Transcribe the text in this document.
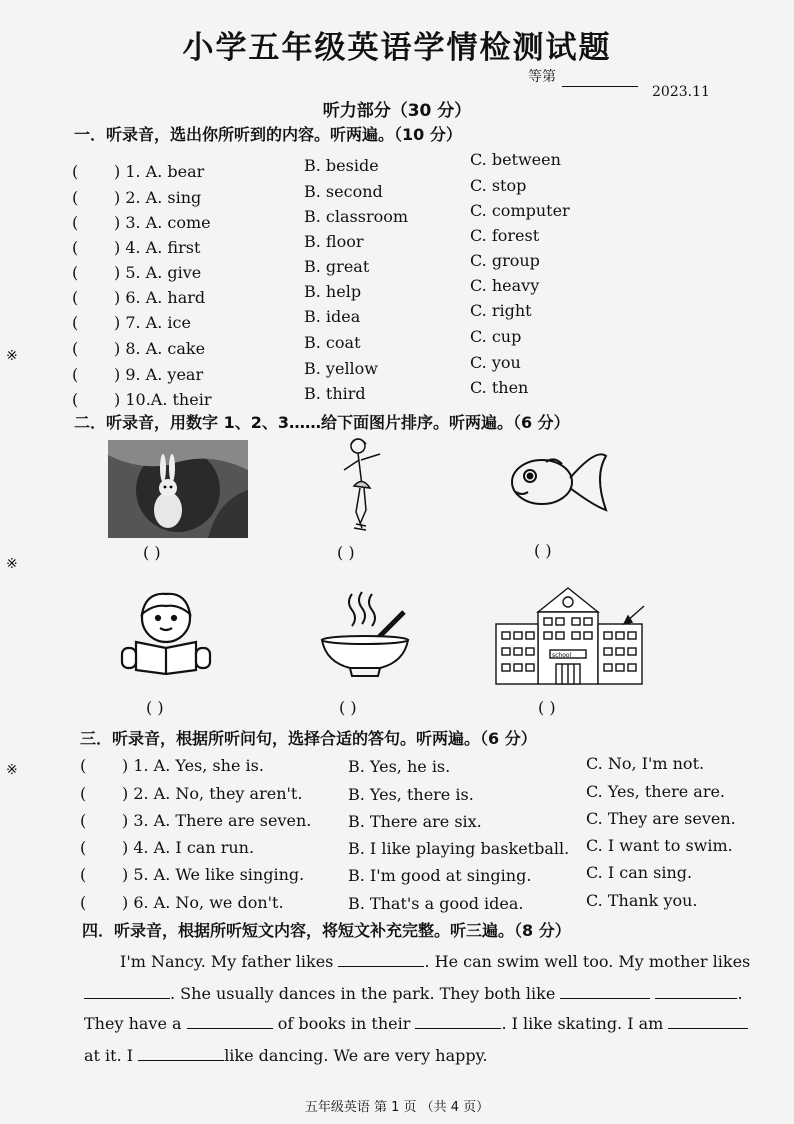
小学五年级英语学情检测试题
等第
2023.11
听力部分（30 分）
※
※
※
一．听录音，选出你所听到的内容。听两遍。（10 分）
( ) 1. A. bear	B. beside	C. between
( ) 2. A. sing	B. second	C. stop
( ) 3. A. come	B. classroom	C. computer
( ) 4. A. first	B. floor	C. forest
( ) 5. A. give	B. great	C. group
( ) 6. A. hard	B. help	C. heavy
( ) 7. A. ice	B. idea	C. right
( ) 8. A. cake	B. coat	C. cup
( ) 9. A. year	B. yellow	C. you
( ) 10.A. their	B. third	C. then
二．听录音，用数字 1、2、3……给下面图片排序。听两遍。（6 分）
( )	( )	( )
school
( )	( )	( )
三．听录音，根据所听问句，选择合适的答句。听两遍。（6 分）
( ) 1. A. Yes, she is.	B. Yes, he is.	C. No, I'm not.
( ) 2. A. No, they aren't.	B. Yes, there is.	C. Yes, there are.
( ) 3. A. There are seven. B. There are six.	C. They are seven.
( ) 4. A. I can run.	B. I like playing basketball. C. I want to swim.
( ) 5. A. We like singing.	B. I'm good at singing.	C. I can sing.
( ) 6. A. No, we don't.	B. That's a good idea.	C. Thank you.
四．听录音，根据所听短文内容，将短文补充完整。听三遍。（8 分）
I'm Nancy. My father likes	. He can swim well too. My mother likes
. She usually dances in the park. They both like	.
They have a	of books in their	. I like skating. I am
at it. I	like dancing. We are very happy.
五年级英语 第 1 页 （共 4 页）
